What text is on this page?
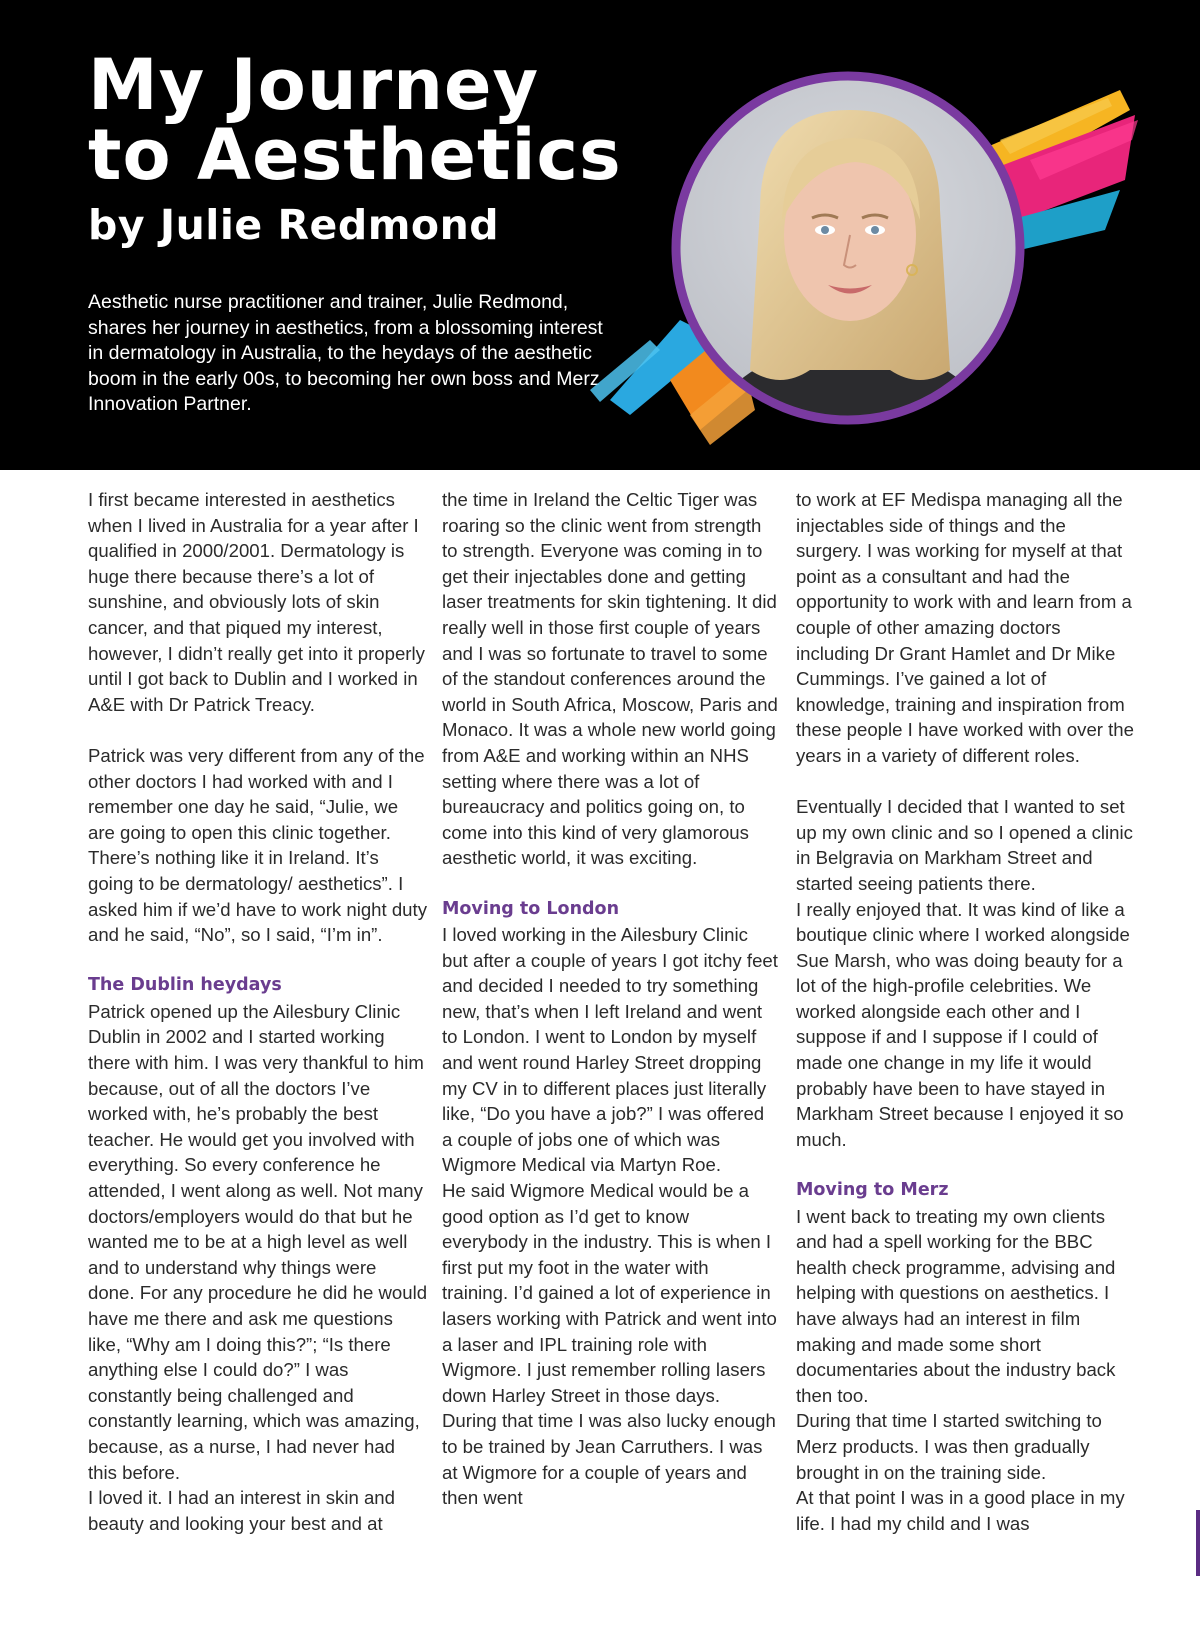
My Journey
to Aesthetics
by Julie Redmond

Aesthetic nurse practitioner and trainer, Julie Redmond, shares her journey in aesthetics, from a blossoming interest in dermatology in Australia, to the heydays of the aesthetic boom in the early 00s, to becoming her own boss and Merz Innovation Partner.

I first became interested in aesthetics when I lived in Australia for a year after I qualified in 2000/2001. Dermatology is huge there because there’s a lot of sunshine, and obviously lots of skin cancer, and that piqued my interest, however, I didn’t really get into it properly until I got back to Dublin and I worked in A&E with Dr Patrick Treacy.

Patrick was very different from any of the other doctors I had worked with and I remember one day he said, “Julie, we are going to open this clinic together. There’s nothing like it in Ireland. It’s going to be dermatology/ aesthetics”. I asked him if we’d have to work night duty and he said, “No”, so I said, “I’m in”.

The Dublin heydays

Patrick opened up the Ailesbury Clinic Dublin in 2002 and I started working there with him. I was very thankful to him because, out of all the doctors I’ve worked with, he’s probably the best teacher. He would get you involved with everything. So every conference he attended, I went along as well. Not many doctors/employers would do that but he wanted me to be at a high level as well and to understand why things were done. For any procedure he did he would have me there and ask me questions like, “Why am I doing this?”; “Is there anything else I could do?” I was constantly being challenged and constantly learning, which was amazing, because, as a nurse, I had never had this before.

I loved it. I had an interest in skin and beauty and looking your best and at

the time in Ireland the Celtic Tiger was roaring so the clinic went from strength to strength. Everyone was coming in to get their injectables done and getting laser treatments for skin tightening. It did really well in those first couple of years and I was so fortunate to travel to some of the standout conferences around the world in South Africa, Moscow, Paris and Monaco. It was a whole new world going from A&E and working within an NHS setting where there was a lot of bureaucracy and politics going on, to come into this kind of very glamorous aesthetic world, it was exciting.

Moving to London

I loved working in the Ailesbury Clinic but after a couple of years I got itchy feet and decided I needed to try something new, that’s when I left Ireland and went to London. I went to London by myself and went round Harley Street dropping my CV in to different places just literally like, “Do you have a job?” I was offered a couple of jobs one of which was Wigmore Medical via Martyn Roe.

He said Wigmore Medical would be a good option as I’d get to know everybody in the industry. This is when I first put my foot in the water with training. I’d gained a lot of experience in lasers working with Patrick and went into a laser and IPL training role with Wigmore. I just remember rolling lasers down Harley Street in those days. During that time I was also lucky enough to be trained by Jean Carruthers. I was at Wigmore for a couple of years and then went

to work at EF Medispa managing all the injectables side of things and the surgery. I was working for myself at that point as a consultant and had the opportunity to work with and learn from a couple of other amazing doctors including Dr Grant Hamlet and Dr Mike Cummings. I’ve gained a lot of knowledge, training and inspiration from these people I have worked with over the years in a variety of different roles.

Eventually I decided that I wanted to set up my own clinic and so I opened a clinic in Belgravia on Markham Street and started seeing patients there.

I really enjoyed that. It was kind of like a boutique clinic where I worked alongside Sue Marsh, who was doing beauty for a lot of the high-profile celebrities. We worked alongside each other and I suppose if and I suppose if I could of made one change in my life it would probably have been to have stayed in Markham Street because I enjoyed it so much.

Moving to Merz

I went back to treating my own clients and had a spell working for the BBC health check programme, advising and helping with questions on aesthetics. I have always had an interest in film making and made some short documentaries about the industry back then too.

During that time I started switching to Merz products. I was then gradually brought in on the training side.

At that point I was in a good place in my life. I had my child and I was
